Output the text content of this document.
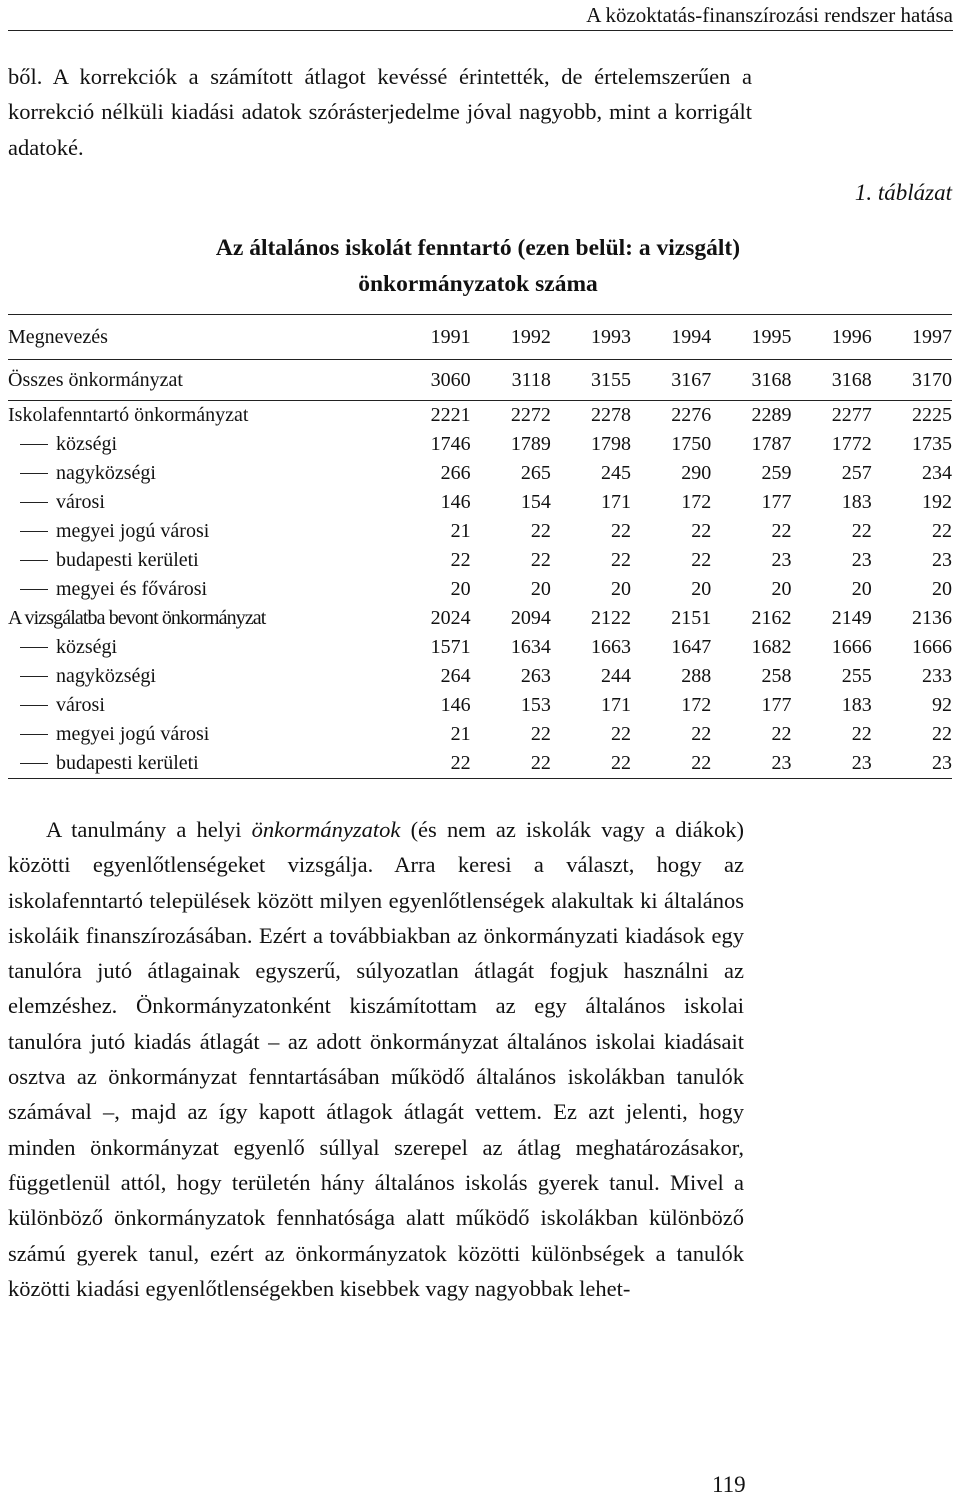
A közoktatás-finanszírozási rendszer hatása

ből. A korrekciók a számított átlagot kevéssé érintették, de értelemszerűen a korrekció nélküli kiadási adatok szórásterjedelme jóval nagyobb, mint a korrigált adatoké.

1. táblázat
Az általános iskolát fenntartó (ezen belül: a vizsgált)
önkormányzatok száma
Megnevezés	1991	1992	1993	1994	1995	1996	1997
Összes önkormányzat	3060	3118	3155	3167	3168	3168	3170
Iskolafenntartó önkormányzat	2221	2272	2278	2276	2289	2277	2225
községi	1746	1789	1798	1750	1787	1772	1735
nagyközségi	266	265	245	290	259	257	234
városi	146	154	171	172	177	183	192
megyei jogú városi	21	22	22	22	22	22	22
budapesti kerületi	22	22	22	22	23	23	23
megyei és fővárosi	20	20	20	20	20	20	20
A vizsgálatba bevont önkormányzat	2024	2094	2122	2151	2162	2149	2136
községi	1571	1634	1663	1647	1682	1666	1666
nagyközségi	264	263	244	288	258	255	233
városi	146	153	171	172	177	183	92
megyei jogú városi	21	22	22	22	22	22	22
budapesti kerületi	22	22	22	22	23	23	23

A tanulmány a helyi önkormányzatok (és nem az iskolák vagy a diákok) közötti egyenlőtlenségeket vizsgálja. Arra keresi a választ, hogy az iskolafenntartó települések között milyen egyenlőtlenségek alakultak ki általános iskoláik finanszírozásában. Ezért a továbbiakban az önkormányzati kiadások egy tanulóra jutó átlagainak egyszerű, súlyozatlan átlagát fogjuk használni az elemzéshez. Önkormányzatonként kiszámítottam az egy általános iskolai tanulóra jutó kiadás átlagát – az adott önkormányzat általános iskolai kiadásait osztva az önkormányzat fenntartásában működő általános iskolákban tanulók számával –, majd az így kapott átlagok átlagát vettem. Ez azt jelenti, hogy minden önkormányzat egyenlő súllyal szerepel az átlag meghatározásakor, függetlenül attól, hogy területén hány általános iskolás gyerek tanul. Mivel a különböző önkormányzatok fennhatósága alatt működő iskolákban különböző számú gyerek tanul, ezért az önkormányzatok közötti különbségek a tanulók közötti kiadási egyenlőtlenségekben kisebbek vagy nagyobbak lehet-

119
